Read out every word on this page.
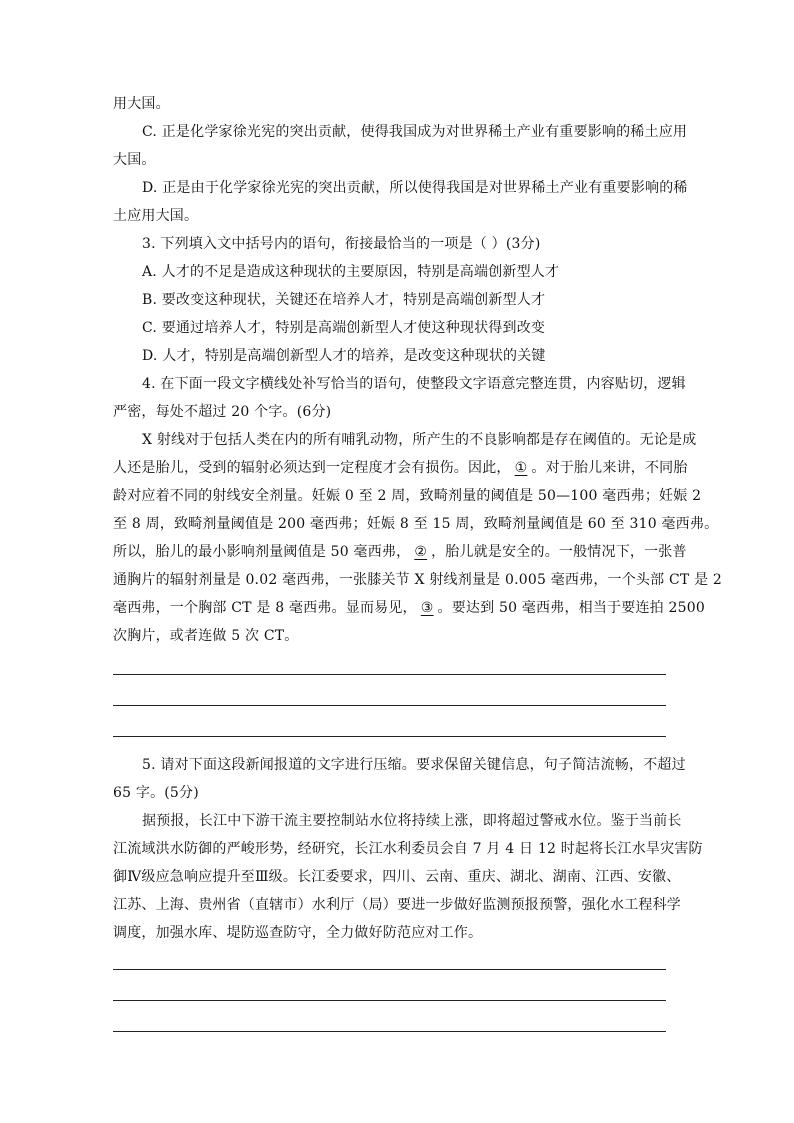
用大国。
C. 正是化学家徐光宪的突出贡献，使得我国成为对世界稀土产业有重要影响的稀土应用
大国。
D. 正是由于化学家徐光宪的突出贡献，所以使得我国是对世界稀土产业有重要影响的稀
土应用大国。
3. 下列填入文中括号内的语句，衔接最恰当的一项是（ ）(3分)
A. 人才的不足是造成这种现状的主要原因，特别是高端创新型人才
B. 要改变这种现状，关键还在培养人才，特别是高端创新型人才
C. 要通过培养人才，特别是高端创新型人才使这种现状得到改变
D. 人才，特别是高端创新型人才的培养，是改变这种现状的关键
4. 在下面一段文字横线处补写恰当的语句，使整段文字语意完整连贯，内容贴切，逻辑
严密，每处不超过 20 个字。(6分)
X 射线对于包括人类在内的所有哺乳动物，所产生的不良影响都是存在阈值的。无论是成
人还是胎儿，受到的辐射必须达到一定程度才会有损伤。因此， ① 。对于胎儿来讲，不同胎
龄对应着不同的射线安全剂量。妊娠 0 至 2 周，致畸剂量的阈值是 50—100 毫西弗；妊娠 2
至 8 周，致畸剂量阈值是 200 毫西弗；妊娠 8 至 15 周，致畸剂量阈值是 60 至 310 毫西弗。
所以，胎儿的最小影响剂量阈值是 50 毫西弗， ② ，胎儿就是安全的。一般情况下，一张普
通胸片的辐射剂量是 0.02 毫西弗，一张膝关节 X 射线剂量是 0.005 毫西弗，一个头部 CT 是 2
毫西弗，一个胸部 CT 是 8 毫西弗。显而易见， ③ 。要达到 50 毫西弗，相当于要连拍 2500
次胸片，或者连做 5 次 CT。
5. 请对下面这段新闻报道的文字进行压缩。要求保留关键信息，句子简洁流畅，不超过
65 字。(5分)
据预报，长江中下游干流主要控制站水位将持续上涨，即将超过警戒水位。鉴于当前长
江流域洪水防御的严峻形势，经研究，长江水利委员会自 7 月 4 日 12 时起将长江水旱灾害防
御Ⅳ级应急响应提升至Ⅲ级。长江委要求，四川、云南、重庆、湖北、湖南、江西、安徽、
江苏、上海、贵州省（直辖市）水利厅（局）要进一步做好监测预报预警，强化水工程科学
调度，加强水库、堤防巡查防守，全力做好防范应对工作。
